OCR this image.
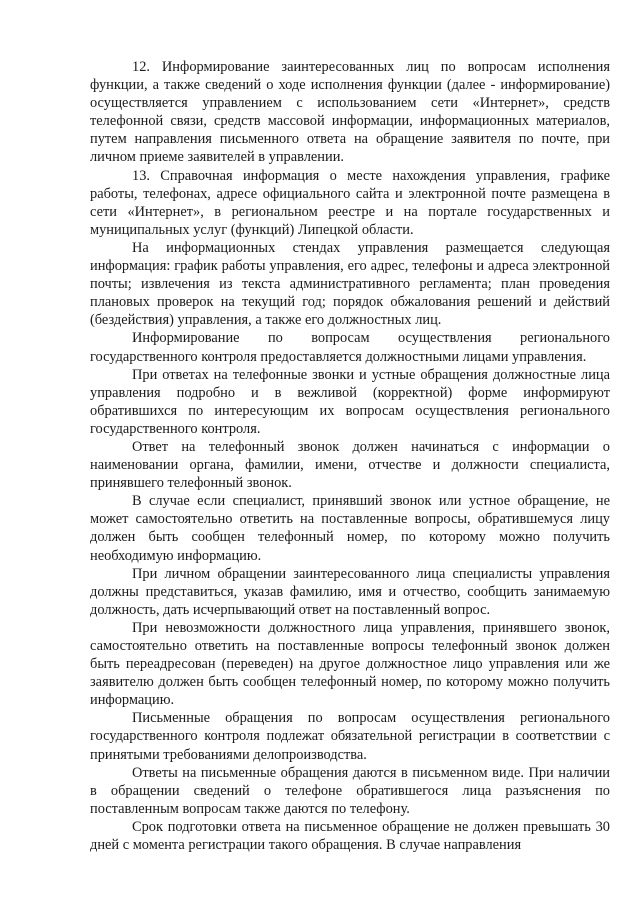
12. Информирование заинтересованных лиц по вопросам исполнения функции, а также сведений о ходе исполнения функции (далее - информирование) осуществляется управлением с использованием сети «Интернет», средств телефонной связи, средств массовой информации, информационных материалов, путем направления письменного ответа на обращение заявителя по почте, при личном приеме заявителей в управлении.

13. Справочная информация о месте нахождения управления, графике работы, телефонах, адресе официального сайта и электронной почте размещена в сети «Интернет», в региональном реестре и на портале государственных и муниципальных услуг (функций) Липецкой области.

На информационных стендах управления размещается следующая информация: график работы управления, его адрес, телефоны и адреса электронной почты; извлечения из текста административного регламента; план проведения плановых проверок на текущий год; порядок обжалования решений и действий (бездействия) управления, а также его должностных лиц.

Информирование по вопросам осуществления регионального государственного контроля предоставляется должностными лицами управления.

При ответах на телефонные звонки и устные обращения должностные лица управления подробно и в вежливой (корректной) форме информируют обратившихся по интересующим их вопросам осуществления регионального государственного контроля.

Ответ на телефонный звонок должен начинаться с информации о наименовании органа, фамилии, имени, отчестве и должности специалиста, принявшего телефонный звонок.

В случае если специалист, принявший звонок или устное обращение, не может самостоятельно ответить на поставленные вопросы, обратившемуся лицу должен быть сообщен телефонный номер, по которому можно получить необходимую информацию.

При личном обращении заинтересованного лица специалисты управления должны представиться, указав фамилию, имя и отчество, сообщить занимаемую должность, дать исчерпывающий ответ на поставленный вопрос.

При невозможности должностного лица управления, принявшего звонок, самостоятельно ответить на поставленные вопросы телефонный звонок должен быть переадресован (переведен) на другое должностное лицо управления или же заявителю должен быть сообщен телефонный номер, по которому можно получить информацию.

Письменные обращения по вопросам осуществления регионального государственного контроля подлежат обязательной регистрации в соответствии с принятыми требованиями делопроизводства.

Ответы на письменные обращения даются в письменном виде. При наличии в обращении сведений о телефоне обратившегося лица разъяснения по поставленным вопросам также даются по телефону.

Срок подготовки ответа на письменное обращение не должен превышать 30 дней с момента регистрации такого обращения. В случае направления
